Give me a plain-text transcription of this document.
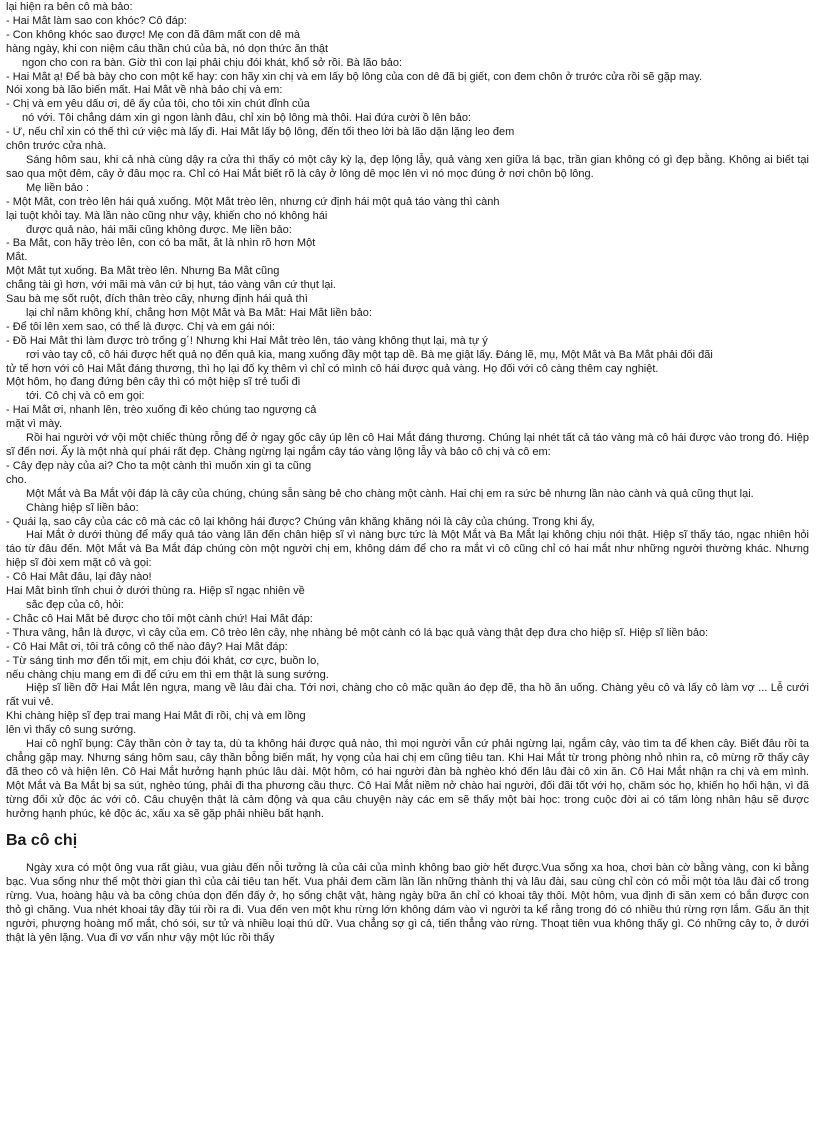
lại hiện ra bên cô mà bảo:
- Hai Mắt làm sao con khóc? Cô đáp:
- Con không khóc sao được! Mẹ con đã đâm mất con dê mà
hàng ngày, khi con niệm câu thần chú của bà, nó dọn thức ăn thật
ngon cho con ra bàn. Giờ thì con lại phải chịu đói khát, khổ sở rồi. Bà lão bảo:
- Hai Mắt ạ! Để bà bày cho con một kế hay: con hãy xin chị và em lấy bộ lông của con dê đã bị giết, con đem chôn ở trước cửa rồi sẽ gặp may.
Nói xong bà lão biến mất. Hai Mắt về nhà bảo chị và em:
- Chị và em yêu dấu ơi, dê ấy của tôi, cho tôi xin chút đỉnh của
nó với. Tôi chẳng dám xin gì ngon lành đâu, chỉ xin bộ lông mà thôi. Hai đứa cười ồ lên bảo:
- Ừ, nếu chỉ xin có thế thì cứ việc mà lấy đi. Hai Mắt lấy bộ lông, đến tối theo lời bà lão dặn lặng leo đem
chôn trước cửa nhà.
Sáng hôm sau, khi cả nhà cùng dậy ra cửa thì thấy có một cây kỳ lạ, đẹp lộng lẫy, quả vàng xen giữa lá bạc, trần gian không có gì đẹp bằng. Không ai biết tại sao qua một đêm, cây ở đâu mọc ra. Chỉ có Hai Mắt biết rõ là cây ở lông dê mọc lên vì nó mọc đúng ở nơi chôn bộ lông.
Mẹ liền bảo :
- Một Mắt, con trèo lên hái quả xuống. Một Mắt trèo lên, nhưng cứ định hái một quả táo vàng thì cành
lại tuột khỏi tay. Mà lần nào cũng như vậy, khiến cho nó không hái
được quả nào, hái mãi cũng không được. Mẹ liền bảo:
- Ba Mắt, con hãy trèo lên, con có ba mắt, ắt là nhìn rõ hơn Một
Mắt.
Một Mắt tụt xuống. Ba Mắt trèo lên. Nhưng Ba Mắt cũng
chẳng tài gì hơn, với mãi mà vẫn cứ bị hụt, táo vàng vẫn cứ thụt lại.
Sau bà mẹ sốt ruột, đích thân trèo cây, nhưng định hái quả thì
lại chỉ nắm không khí, chẳng hơn Một Mắt và Ba Mắt: Hai Mắt liền bảo:
- Để tôi lên xem sao, có thể là được. Chị và em gái nói:
- Đồ Hai Mắt thì làm được trò trống g´! Nhưng khi Hai Mắt trèo lên, táo vàng không thụt lại, mà tự ý
rơi vào tay cô, cô hái được hết quả nọ đến quả kia, mang xuống đầy một tạp dề. Bà mẹ giật lấy. Đáng lẽ, mụ, Một Mắt và Ba Mắt phải đối đãi
tử tế hơn với cô Hai Mắt đáng thương, thì họ lại đố kỵ thêm vì chỉ có mình cô hái được quả vàng. Họ đối với cô càng thêm cay nghiệt.
Một hôm, họ đang đứng bên cây thì có một hiệp sĩ trẻ tuổi đi
tới. Cô chị và cô em gọi:
- Hai Mắt ơi, nhanh lên, trèo xuống đi kẻo chúng tao ngượng cả
mặt vì mày.
Rồi hai người vớ vội một chiếc thùng rỗng để ở ngay gốc cây úp lên cô Hai Mắt đáng thương. Chúng lại nhét tất cả táo vàng mà cô hái được vào trong đó. Hiệp sĩ đến nơi. Ấy là một nhà quí phái rất đẹp. Chàng ngừng lại ngắm cây táo vàng lộng lẫy và bảo cô chị và cô em:
- Cây đẹp này của ai? Cho ta một cành thì muốn xin gì ta cũng
cho.
Một Mắt và Ba Mắt vội đáp là cây của chúng, chúng sẵn sàng bẻ cho chàng một cành. Hai chị em ra sức bẻ nhưng lần nào cành và quả cũng thụt lại.
Chàng hiệp sĩ liền bảo:
- Quái lạ, sao cây của các cô mà các cô lại không hái được? Chúng vẫn khăng khăng nói là cây của chúng. Trong khi ấy,
Hai Mắt ở dưới thùng để mấy quả táo vàng lăn đến chân hiệp sĩ vì nàng bực tức là Một Mắt và Ba Mắt lại không chịu nói thật. Hiệp sĩ thấy táo, ngạc nhiên hỏi táo từ đâu đến. Một Mắt và Ba Mắt đáp chúng còn một người chị em, không dám để cho ra mắt vì cô cũng chỉ có hai mắt như những người thường khác. Nhưng hiệp sĩ đòi xem mặt cô và gọi:
- Cô Hai Mắt đâu, lại đây nào!
Hai Mắt bình tĩnh chui ở dưới thùng ra. Hiệp sĩ ngạc nhiên về
sắc đẹp của cô, hỏi:
- Chắc cô Hai Mắt bẻ được cho tôi một cành chứ! Hai Mắt đáp:
- Thưa vâng, hẳn là được, vì cây của em. Cô trèo lên cây, nhẹ nhàng bẻ một cành có lá bạc quả vàng thật đẹp đưa cho hiệp sĩ. Hiệp sĩ liền bảo:
- Cô Hai Mắt ơi, tôi trả công cô thế nào đây? Hai Mắt đáp:
- Từ sáng tinh mơ đến tối mịt, em chịu đói khát, cơ cực, buồn lo,
nếu chàng chịu mang em đi để cứu em thì em thật là sung sướng.
Hiệp sĩ liền đỡ Hai Mắt lên ngựa, mang về lâu đài cha. Tới nơi, chàng cho cô mặc quần áo đẹp đẽ, tha hồ ăn uống. Chàng yêu cô và lấy cô làm vợ ... Lễ cưới rất vui vẻ.
Khi chàng hiệp sĩ đẹp trai mang Hai Mắt đi rồi, chị và em lồng
lên vì thấy cô sung sướng.
Hai cô nghĩ bụng: Cây thần còn ở tay ta, dù ta không hái được quả nào, thì mọi người vẫn cứ phải ngừng lại, ngắm cây, vào tìm ta để khen cây. Biết đâu rồi ta chẳng gặp may. Nhưng sáng hôm sau, cây thần bỗng biến mất, hy vọng của hai chị em cũng tiêu tan. Khi Hai Mắt từ trong phòng nhỏ nhìn ra, cô mừng rỡ thấy cây đã theo cô và hiện lên. Cô Hai Mắt hưởng hạnh phúc lâu dài. Một hôm, có hai người đàn bà nghèo khó đến lâu đài cô xin ăn. Cô Hai Mắt nhận ra chị và em mình. Một Mắt và Ba Mắt bị sa sút, nghèo túng, phải đi tha phương cầu thực. Cô Hai Mắt niềm nở chào hai người, đối đãi tốt với họ, chăm sóc họ, khiến họ hối hận, vì đã từng đối xử độc ác với cô. Câu chuyện thật là cảm động và qua câu chuyện này các em sẽ thấy một bài học: trong cuộc đời ai có tấm lòng nhân hậu sẽ được hưởng hạnh phúc, kẻ độc ác, xấu xa sẽ gặp phải nhiều bất hạnh.
Ba cô chị
Ngày xưa có một ông vua rất giàu, vua giàu đến nỗi tưởng là của cải của mình không bao giờ hết được.Vua sống xa hoa, chơi bàn cờ bằng vàng, con ki bằng bạc. Vua sống như thế một thời gian thì của cải tiêu tan hết. Vua phải đem cầm lần lần những thành thị và lâu đài, sau cùng chỉ còn có mỗi một tòa lâu đài cổ trong rừng. Vua, hoàng hậu và ba công chúa dọn đến đấy ở, họ sống chật vật, hàng ngày bữa ăn chỉ có khoai tây thôi. Một hôm, vua định đi săn xem có bắn được con thỏ gì chăng. Vua nhét khoai tây đầy túi rồi ra đi. Vua đến ven một khu rừng lớn không dám vào vì người ta kể rằng trong đó có nhiều thú rừng rợn lắm. Gấu ăn thịt người, phượng hoàng mổ mắt, chó sói, sư tử và nhiều loại thú dữ. Vua chẳng sợ gì cả, tiến thẳng vào rừng. Thoạt tiên vua không thấy gì. Có những cây to, ở dưới thật là yên lặng. Vua đi vơ vẩn như vậy một lúc rồi thấy
